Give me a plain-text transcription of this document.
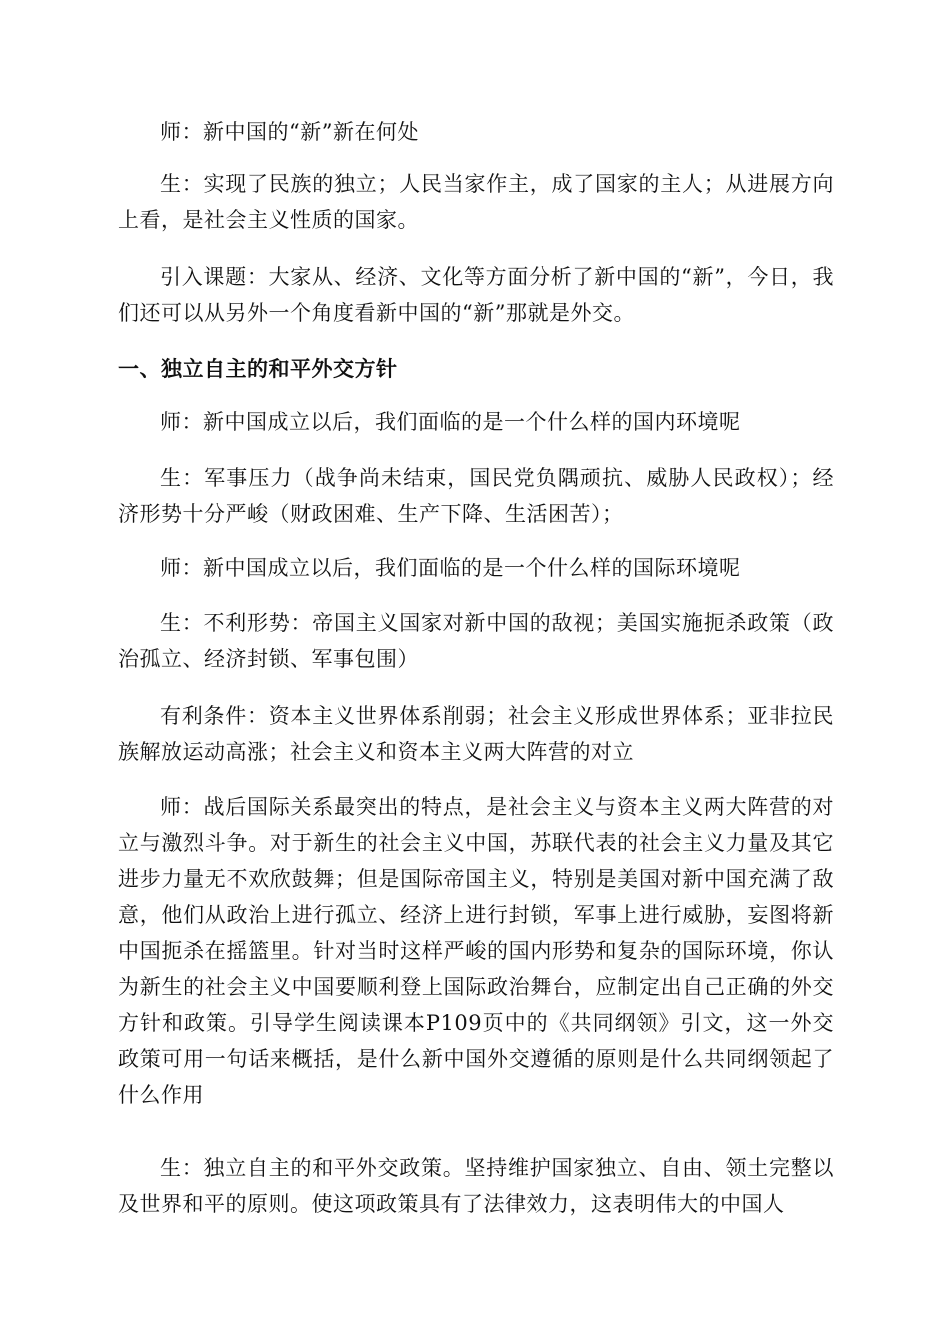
师：新中国的“新”新在何处

生：实现了民族的独立；人民当家作主，成了国家的主人；从进展方向上看，是社会主义性质的国家。

引入课题：大家从、经济、文化等方面分析了新中国的“新”，今日，我们还可以从另外一个角度看新中国的“新”那就是外交。

一、独立自主的和平外交方针

师：新中国成立以后，我们面临的是一个什么样的国内环境呢

生：军事压力（战争尚未结束，国民党负隅顽抗、威胁人民政权）；经济形势十分严峻（财政困难、生产下降、生活困苦）；

师：新中国成立以后，我们面临的是一个什么样的国际环境呢

生：不利形势：帝国主义国家对新中国的敌视；美国实施扼杀政策（政治孤立、经济封锁、军事包围）

有利条件：资本主义世界体系削弱；社会主义形成世界体系；亚非拉民族解放运动高涨；社会主义和资本主义两大阵营的对立

师：战后国际关系最突出的特点，是社会主义与资本主义两大阵营的对立与激烈斗争。对于新生的社会主义中国，苏联代表的社会主义力量及其它进步力量无不欢欣鼓舞；但是国际帝国主义，特别是美国对新中国充满了敌意，他们从政治上进行孤立、经济上进行封锁，军事上进行威胁，妄图将新中国扼杀在摇篮里。针对当时这样严峻的国内形势和复杂的国际环境，你认为新生的社会主义中国要顺利登上国际政治舞台，应制定出自己正确的外交方针和政策。引导学生阅读课本P109页中的《共同纲领》引文，这一外交政策可用一句话来概括，是什么新中国外交遵循的原则是什么共同纲领起了什么作用

生：独立自主的和平外交政策。坚持维护国家独立、自由、领土完整以及世界和平的原则。使这项政策具有了法律效力，这表明伟大的中国人
